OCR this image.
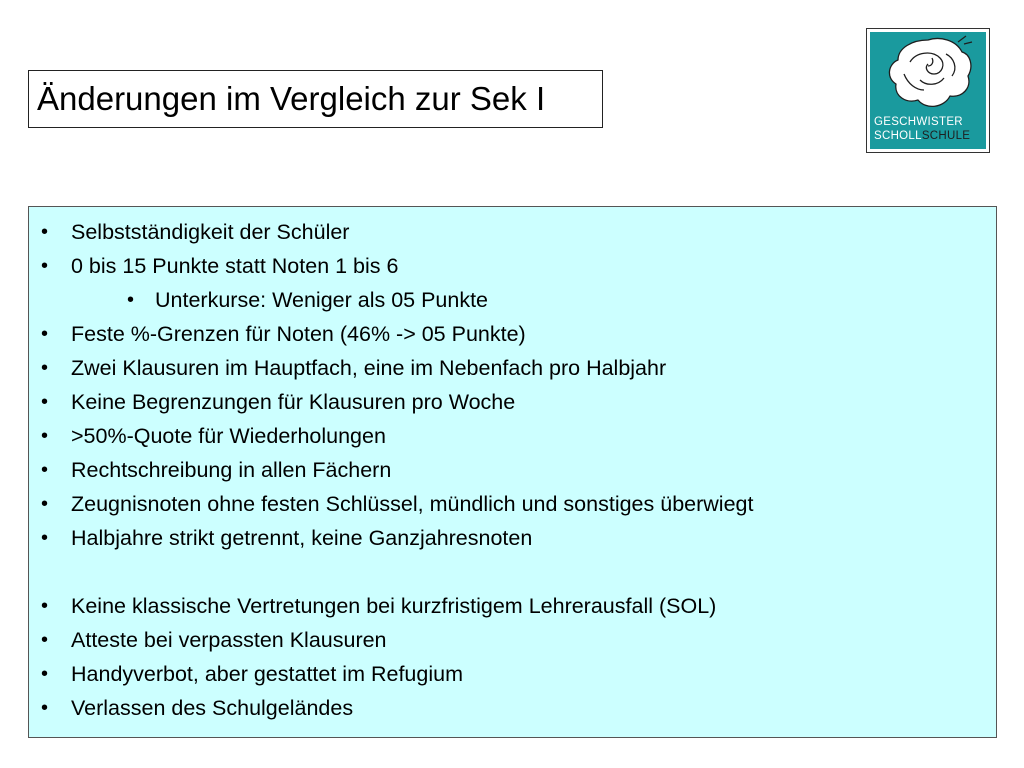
Änderungen im Vergleich zur Sek I
GESCHWISTER
SCHOLLSCHULE
• Selbstständigkeit der Schüler
• 0 bis 15 Punkte statt Noten 1 bis 6
• Unterkurse: Weniger als 05 Punkte
• Feste %-Grenzen für Noten (46% -> 05 Punkte)
• Zwei Klausuren im Hauptfach, eine im Nebenfach pro Halbjahr
• Keine Begrenzungen für Klausuren pro Woche
• >50%-Quote für Wiederholungen
• Rechtschreibung in allen Fächern
• Zeugnisnoten ohne festen Schlüssel, mündlich und sonstiges überwiegt
• Halbjahre strikt getrennt, keine Ganzjahresnoten
• Keine klassische Vertretungen bei kurzfristigem Lehrerausfall (SOL)
• Atteste bei verpassten Klausuren
• Handyverbot, aber gestattet im Refugium
• Verlassen des Schulgeländes
